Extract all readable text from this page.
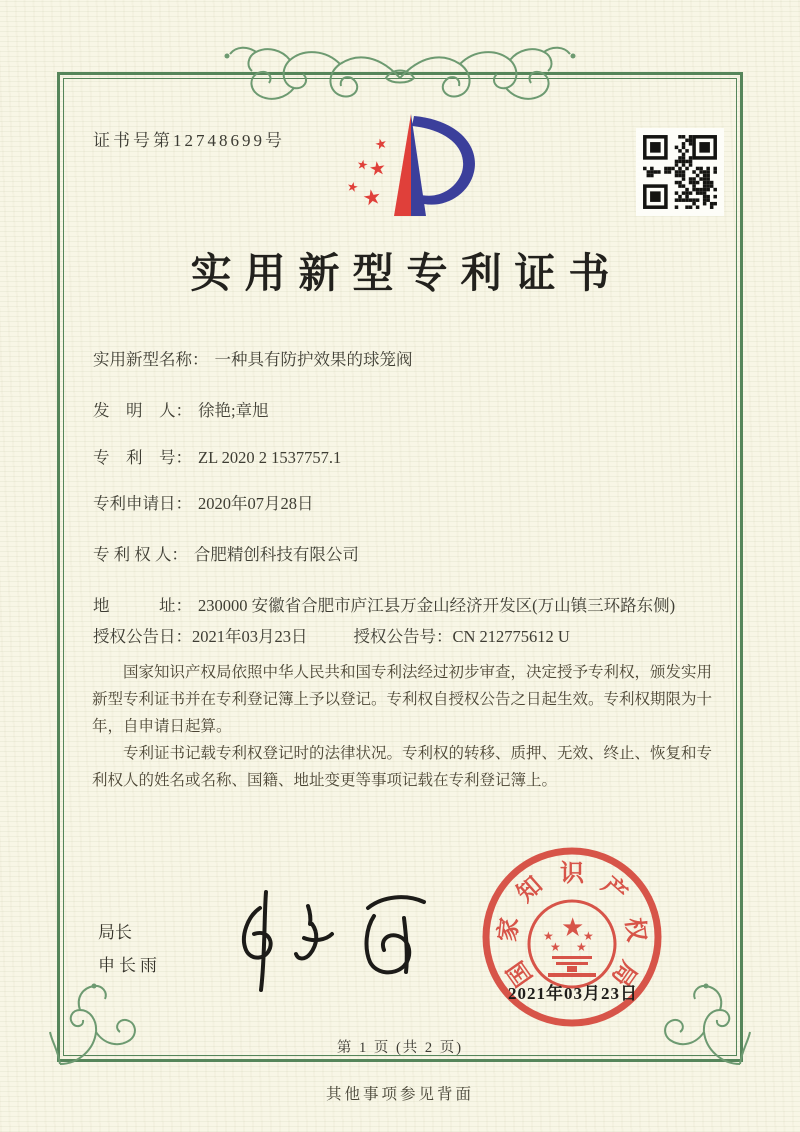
证书号第12748699号	★
★
★
★ ★
实用新型专利证书
实用新型名称： 一种具有防护效果的球笼阀
发　明　人： 徐艳;章旭
专　利　号： ZL 2020 2 1537757.1
专利申请日： 2020年07月28日
专 利 权 人： 合肥精创科技有限公司
地　　　址： 230000 安徽省合肥市庐江县万金山经济开发区(万山镇三环路东侧)
授权公告日： 2021年03月23日	授权公告号： CN 212775612 U

国家知识产权局依照中华人民共和国专利法经过初步审查，决定授予专利权，颁发实用新型专利证书并在专利登记簿上予以登记。专利权自授权公告之日起生效。专利权期限为十年，自申请日起算。

专利证书记载专利权登记时的法律状况。专利权的转移、质押、无效、终止、恢复和专利权人的姓名或名称、国籍、地址变更等事项记载在专利登记簿上。

局长
申长雨	国
家
知 识 产
权
局
★
★ ★
★ ★
2021年03月23日
第 1 页 (共 2 页)
其他事项参见背面
